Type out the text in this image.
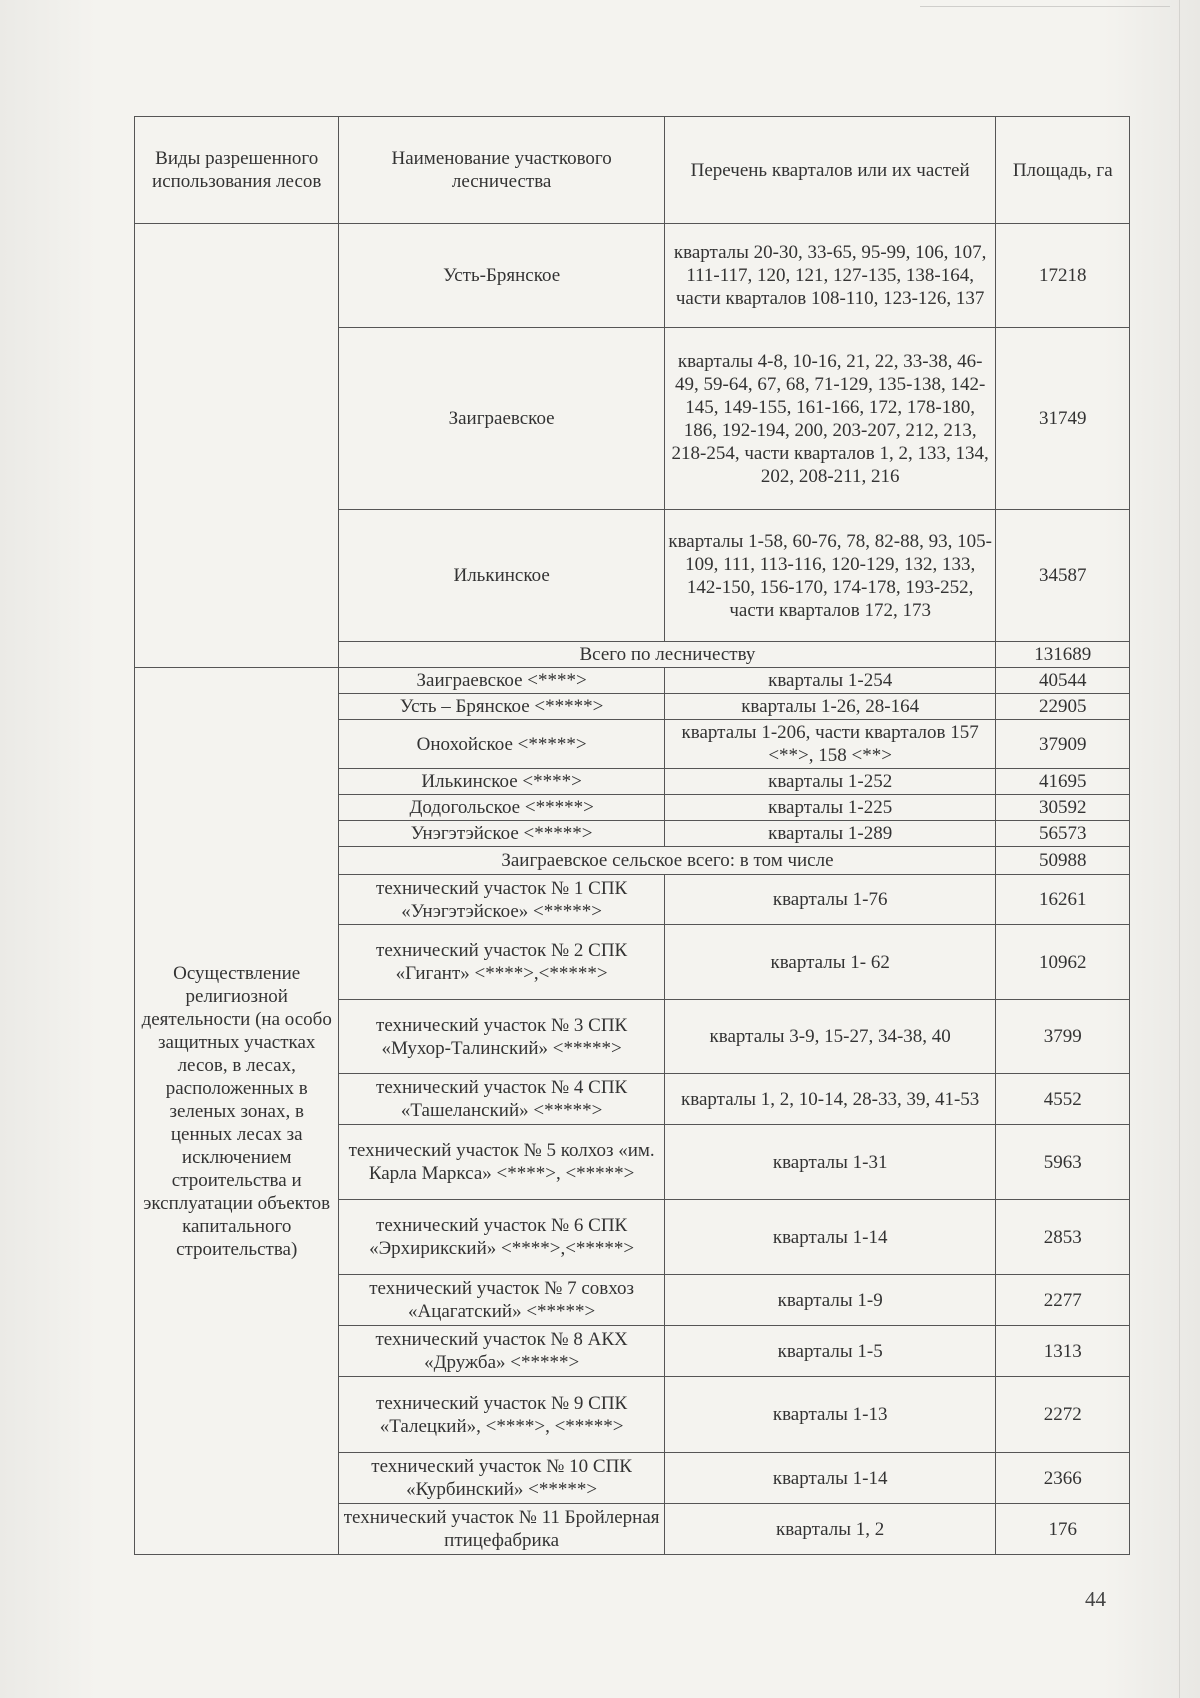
Виды разрешенного использования лесов	Наименование участкового лесничества	Перечень кварталов или их частей	Площадь, га
	Усть-Брянское	кварталы 20-30, 33-65, 95-99, 106, 107, 111-117, 120, 121, 127-135, 138-164, части кварталов 108-110, 123-126, 137	17218
	Заиграевское	кварталы 4-8, 10-16, 21, 22, 33-38, 46-49, 59-64, 67, 68, 71-129, 135-138, 142-145, 149-155, 161-166, 172, 178-180, 186, 192-194, 200, 203-207, 212, 213, 218-254, части кварталов 1, 2, 133, 134, 202, 208-211, 216	31749
	Илькинское	кварталы 1-58, 60-76, 78, 82-88, 93, 105-109, 111, 113-116, 120-129, 132, 133, 142-150, 156-170, 174-178, 193-252, части кварталов 172, 173	34587
	Всего по лесничеству		131689
Осуществление религиозной деятельности (на особо защитных участках лесов, в лесах, расположенных в зеленых зонах, в ценных лесах за исключением строительства и эксплуатации объектов капитального строительства)	Заиграевское <****>	кварталы 1-254	40544
	Усть – Брянское <*****>	кварталы 1-26, 28-164	22905
	Онохойское <*****>	кварталы 1-206, части кварталов 157 <**>, 158 <**>	37909
	Илькинское <****>	кварталы 1-252	41695
	Додогольское <*****>	кварталы 1-225	30592
	Унэгэтэйское <*****>	кварталы 1-289	56573
	Заиграевское сельское всего: в том числе		50988
	технический участок № 1 СПК «Унэгэтэйское» <*****>	кварталы 1-76	16261
	технический участок № 2 СПК «Гигант» <****>,<*****>	кварталы 1- 62	10962
	технический участок № 3 СПК «Мухор-Талинский» <*****>	кварталы 3-9, 15-27, 34-38, 40	3799
	технический участок № 4 СПК «Ташеланский» <*****>	кварталы 1, 2, 10-14, 28-33, 39, 41-53	4552
	технический участок № 5 колхоз «им. Карла Маркса» <****>, <*****>	кварталы 1-31	5963
	технический участок № 6 СПК «Эрхирикский» <****>,<*****>	кварталы 1-14	2853
	технический участок № 7 совхоз «Ацагатский» <*****>	кварталы 1-9	2277
	технический участок № 8 АКХ «Дружба» <*****>	кварталы 1-5	1313
	технический участок № 9 СПК «Талецкий», <****>, <*****>	кварталы 1-13	2272
	технический участок № 10 СПК «Курбинский» <*****>	кварталы 1-14	2366
	технический участок № 11 Бройлерная птицефабрика	кварталы 1, 2	176
44
